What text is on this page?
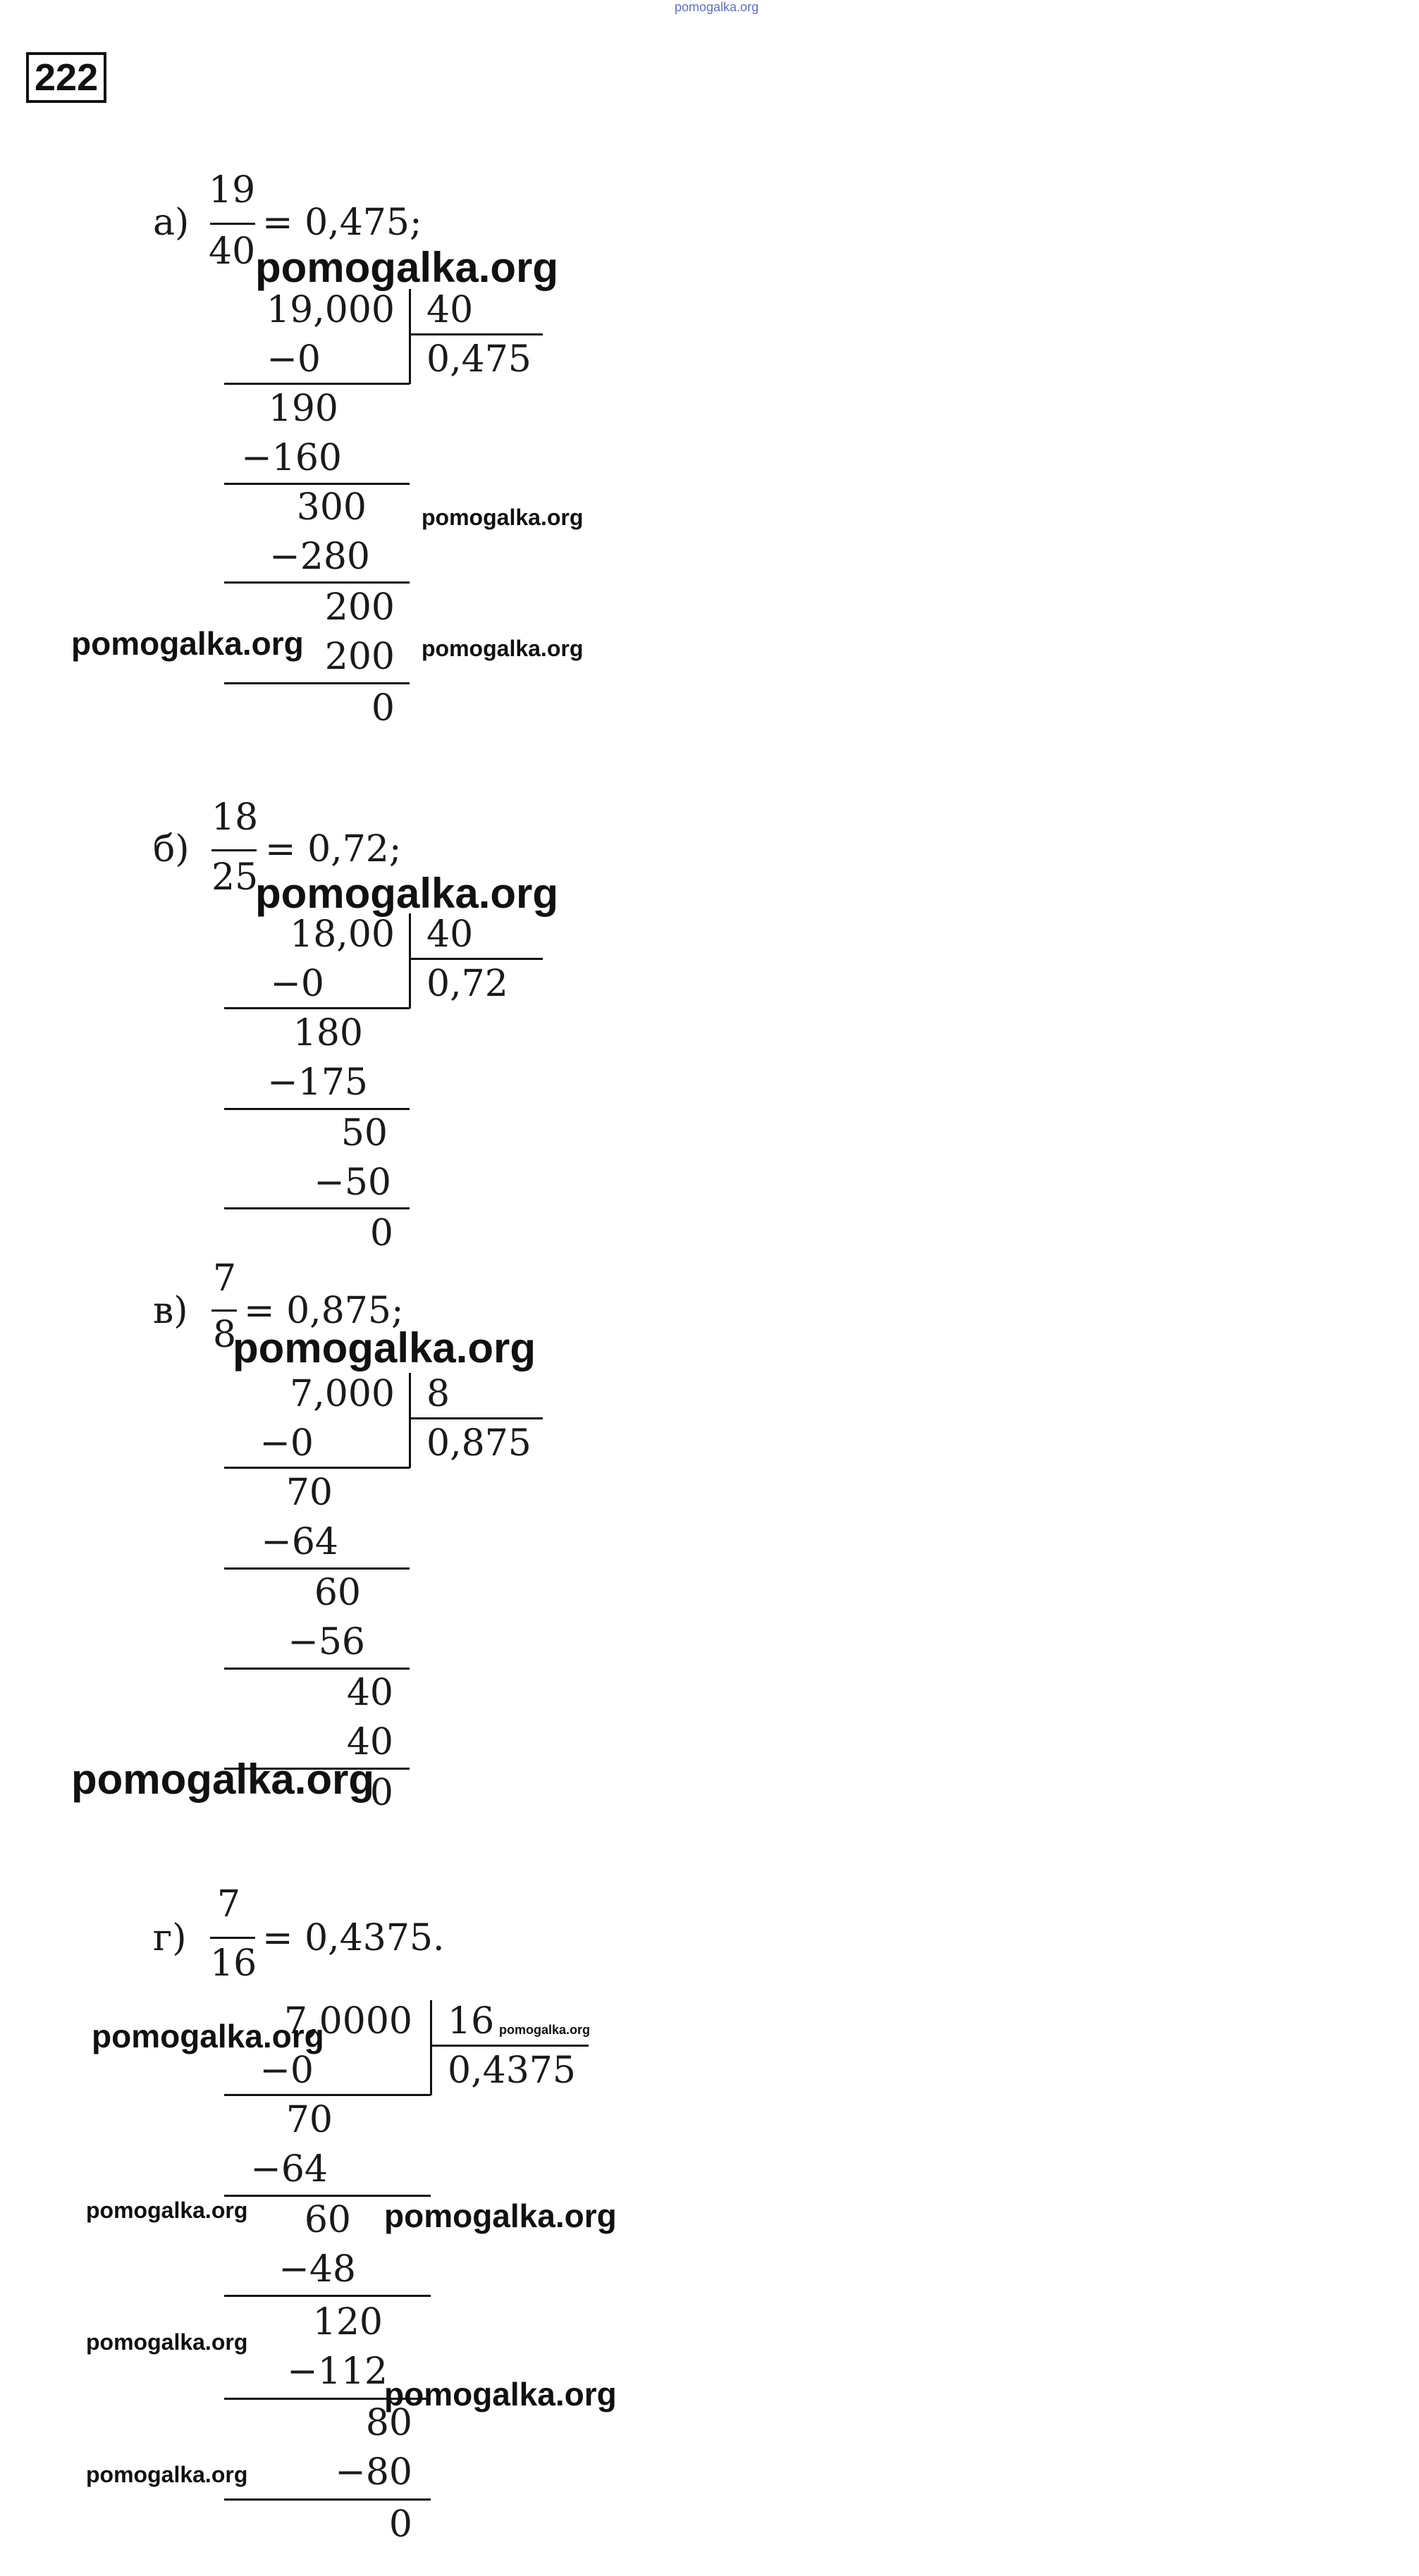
pomogalka.org
222
а)
19
40
= 0,475;
19,000 40
0,475
−0
190
−160
300
−280
200
200
0
б)
18
25
= 0,72;
18,00 40
0,72
−0
180
−175
50
−50
0
в)
7
8
= 0,875;
7,000 8
0,875
−0
70
−64
60
−56
40
40
0
г)
7
16
= 0,4375.
7,0000 16
0,4375
−0
70
−64
60
−48
120
−112
80
−80
0
pomogalka.org
pomogalka.org
pomogalka.org	pomogalka.org
pomogalka.org
pomogalka.org
pomogalka.org
pomogalka.org	pomogalka.org
pomogalka.org	pomogalka.org
pomogalka.org
pomogalka.org
pomogalka.org
